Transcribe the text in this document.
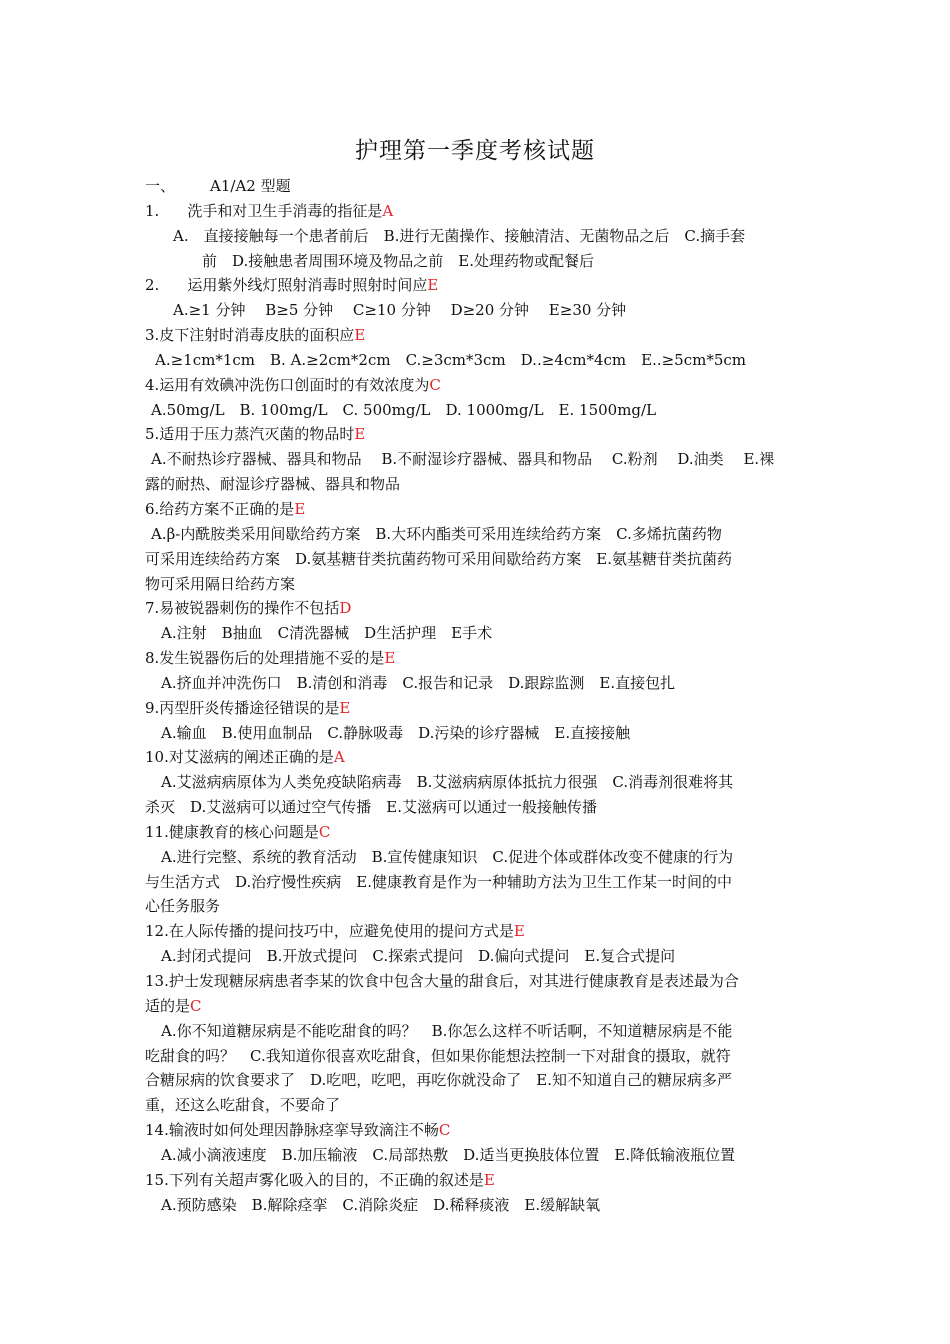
护理第一季度考核试题
一、 A1/A2 型题
1. 洗手和对卫生手消毒的指征是A
A.　直接接触每一个患者前后　B.进行无菌操作、接触清洁、无菌物品之后　C.摘手套
前　D.接触患者周围环境及物品之前　E.处理药物或配餐后
2. 运用紫外线灯照射消毒时照射时间应E
A.≥1 分钟　 B≥5 分钟　 C≥10 分钟　 D≥20 分钟　 E≥30 分钟
3.皮下注射时消毒皮肤的面积应E
A.≥1cm*1cm　B. A.≥2cm*2cm　C.≥3cm*3cm　D..≥4cm*4cm　E..≥5cm*5cm
4.运用有效碘冲洗伤口创面时的有效浓度为C
A.50mg/L　B. 100mg/L　C. 500mg/L　D. 1000mg/L　E. 1500mg/L
5.适用于压力蒸汽灭菌的物品时E
A.不耐热诊疗器械、器具和物品　 B.不耐湿诊疗器械、器具和物品　 C.粉剂　 D.油类　 E.裸
露的耐热、耐湿诊疗器械、器具和物品
6.给药方案不正确的是E
A.β-内酰胺类采用间歇给药方案　B.大环内酯类可采用连续给药方案　C.多烯抗菌药物
可采用连续给药方案　D.氨基糖苷类抗菌药物可采用间歇给药方案　E.氨基糖苷类抗菌药
物可采用隔日给药方案
7.易被锐器刺伤的操作不包括D
A.注射　B抽血　C清洗器械　D生活护理　E手术
8.发生锐器伤后的处理措施不妥的是E
A.挤血并冲洗伤口　B.清创和消毒　C.报告和记录　D.跟踪监测　E.直接包扎
9.丙型肝炎传播途径错误的是E
A.输血　B.使用血制品　C.静脉吸毒　D.污染的诊疗器械　E.直接接触
10.对艾滋病的阐述正确的是A
A.艾滋病病原体为人类免疫缺陷病毒　B.艾滋病病原体抵抗力很强　C.消毒剂很难将其
杀灭　D.艾滋病可以通过空气传播　E.艾滋病可以通过一般接触传播
11.健康教育的核心问题是C
A.进行完整、系统的教育活动　B.宣传健康知识　C.促进个体或群体改变不健康的行为
与生活方式　D.治疗慢性疾病　E.健康教育是作为一种辅助方法为卫生工作某一时间的中
心任务服务
12.在人际传播的提问技巧中，应避免使用的提问方式是E
A.封闭式提问　B.开放式提问　C.探索式提问　D.偏向式提问　E.复合式提问
13.护士发现糖尿病患者李某的饮食中包含大量的甜食后，对其进行健康教育是表述最为合
适的是C
A.你不知道糖尿病是不能吃甜食的吗？　B.你怎么这样不听话啊，不知道糖尿病是不能
吃甜食的吗？　C.我知道你很喜欢吃甜食，但如果你能想法控制一下对甜食的摄取，就符
合糖尿病的饮食要求了　D.吃吧，吃吧，再吃你就没命了　E.知不知道自己的糖尿病多严
重，还这么吃甜食，不要命了
14.输液时如何处理因静脉痉挛导致滴注不畅C
A.减小滴液速度　B.加压输液　C.局部热敷　D.适当更换肢体位置　E.降低输液瓶位置
15.下列有关超声雾化吸入的目的，不正确的叙述是E
A.预防感染　B.解除痉挛　C.消除炎症　D.稀释痰液　E.缓解缺氧
